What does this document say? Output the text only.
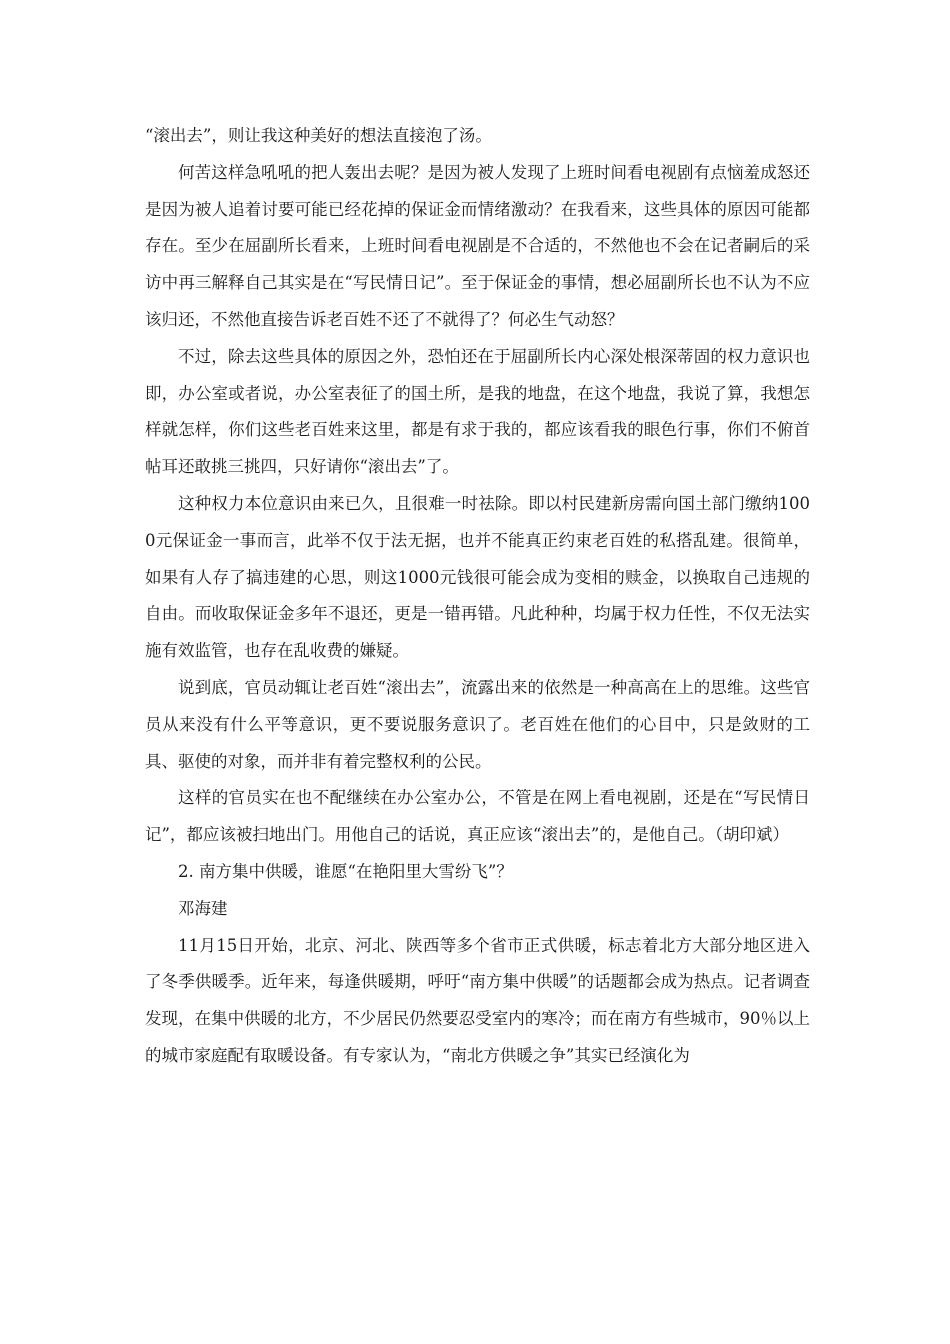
“滚出去”，则让我这种美好的想法直接泡了汤。

何苦这样急吼吼的把人轰出去呢？是因为被人发现了上班时间看电视剧有点恼羞成怒还是因为被人追着讨要可能已经花掉的保证金而情绪激动？在我看来，这些具体的原因可能都存在。至少在屈副所长看来，上班时间看电视剧是不合适的，不然他也不会在记者嗣后的采访中再三解释自己其实是在“写民情日记”。至于保证金的事情，想必屈副所长也不认为不应该归还，不然他直接告诉老百姓不还了不就得了？何必生气动怒？

不过，除去这些具体的原因之外，恐怕还在于屈副所长内心深处根深蒂固的权力意识也即，办公室或者说，办公室表征了的国土所，是我的地盘，在这个地盘，我说了算，我想怎样就怎样，你们这些老百姓来这里，都是有求于我的，都应该看我的眼色行事，你们不俯首帖耳还敢挑三挑四，只好请你“滚出去”了。

这种权力本位意识由来已久，且很难一时祛除。即以村民建新房需向国土部门缴纳1000元保证金一事而言，此举不仅于法无据，也并不能真正约束老百姓的私搭乱建。很简单，如果有人存了搞违建的心思，则这1000元钱很可能会成为变相的赎金，以换取自己违规的自由。而收取保证金多年不退还，更是一错再错。凡此种种，均属于权力任性，不仅无法实施有效监管，也存在乱收费的嫌疑。

说到底，官员动辄让老百姓“滚出去”，流露出来的依然是一种高高在上的思维。这些官员从来没有什么平等意识，更不要说服务意识了。老百姓在他们的心目中，只是敛财的工具、驱使的对象，而并非有着完整权利的公民。

这样的官员实在也不配继续在办公室办公，不管是在网上看电视剧，还是在“写民情日记”，都应该被扫地出门。用他自己的话说，真正应该“滚出去”的，是他自己。（胡印斌）

2. 南方集中供暖，谁愿“在艳阳里大雪纷飞”？

邓海建

11月15日开始，北京、河北、陕西等多个省市正式供暖，标志着北方大部分地区进入了冬季供暖季。近年来，每逢供暖期，呼吁“南方集中供暖”的话题都会成为热点。记者调查发现，在集中供暖的北方，不少居民仍然要忍受室内的寒冷；而在南方有些城市，90％以上的城市家庭配有取暖设备。有专家认为，“南北方供暖之争”其实已经演化为
